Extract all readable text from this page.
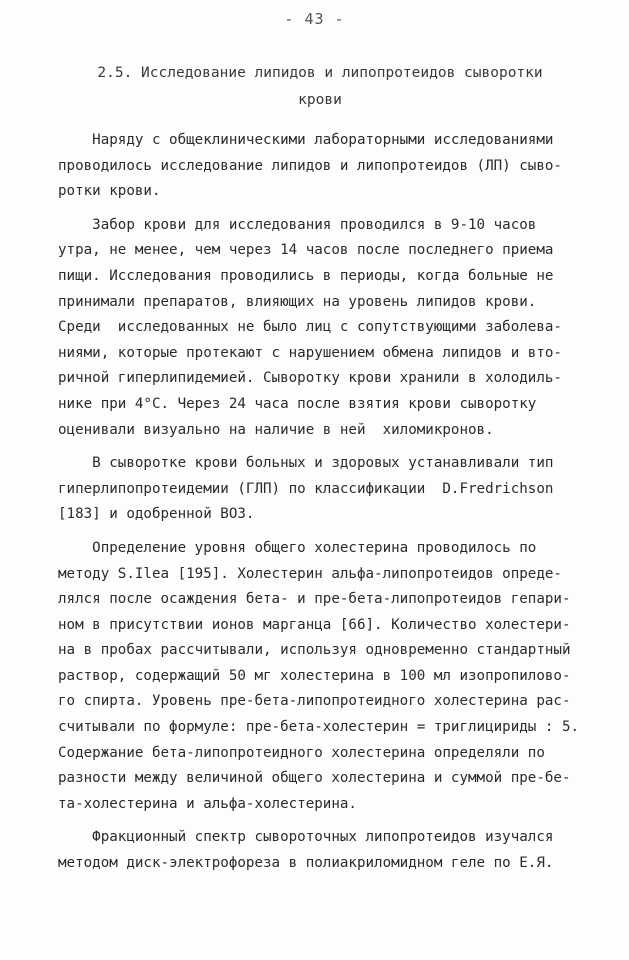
- 43 -
2.5. Исследование липидов и липопротеидов сыворотки
крови
Наряду с общеклиническими лабораторными исследованиями
проводилось исследование липидов и липопротеидов (ЛП) сыво-
ротки крови.
Забор крови для исследования проводился в 9-10 часов
утра, не менее, чем через 14 часов после последнего приема
пищи. Исследования проводились в периоды, когда больные не
принимали препаратов, влияющих на уровень липидов крови.
Среди  исследованных не было лиц с сопутствующими заболева-
ниями, которые протекают с нарушением обмена липидов и вто-
ричной гиперлипидемией. Сыворотку крови хранили в холодиль-
нике при 4°С. Через 24 часа после взятия крови сыворотку
оценивали визуально на наличие в ней  хиломикронов.
В сыворотке крови больных и здоровых устанавливали тип
гиперлипопротеидемии (ГЛП) по классификации  D.Fredrichson
[183] и одобренной ВОЗ.
Определение уровня общего холестерина проводилось по
методу S.Ilea [195]. Холестерин альфа-липопротеидов опреде-
лялся после осаждения бета- и пре-бета-липопротеидов гепари-
ном в присутствии ионов марганца [66]. Количество холестери-
на в пробах рассчитывали, используя одновременно стандартный
раствор, содержащий 50 мг холестерина в 100 мл изопропилово-
го спирта. Уровень пре-бета-липопротеидного холестерина рас-
считывали по формуле: пре-бета-холестерин = триглицириды : 5.
Содержание бета-липопротеидного холестерина определяли по
разности между величиной общего холестерина и суммой пре-бе-
та-холестерина и альфа-холестерина.
Фракционный спектр сывороточных липопротеидов изучался
методом диск-электрофореза в полиакриломидном геле по Е.Я.
